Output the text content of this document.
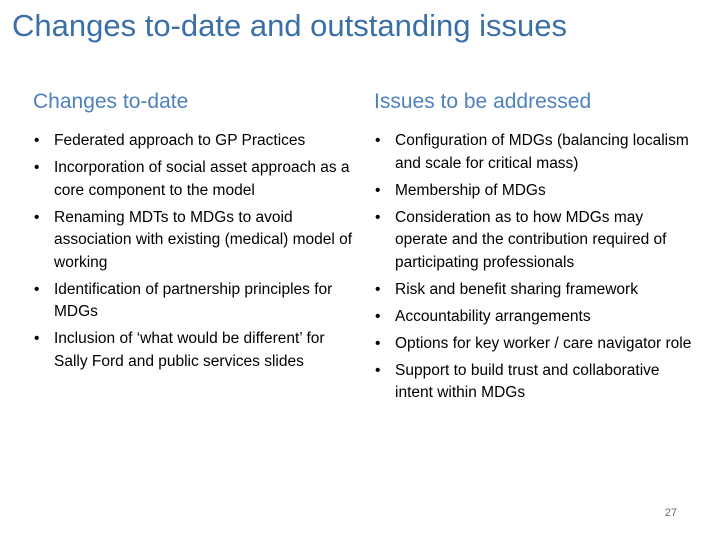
Changes to-date and outstanding issues
Changes to-date
• Federated approach to GP Practices
• Incorporation of social asset approach as a core component to the model
• Renaming MDTs to MDGs to avoid association with existing (medical) model of working
• Identification of partnership principles for MDGs
• Inclusion of ‘what would be different’ for Sally Ford and public services slides
Issues to be addressed
• Configuration of MDGs (balancing localism and scale for critical mass)
• Membership of MDGs
• Consideration as to how MDGs may operate and the contribution required of participating professionals
• Risk and benefit sharing framework
• Accountability arrangements
• Options for key worker / care navigator role
• Support to build trust and collaborative intent within MDGs
27
